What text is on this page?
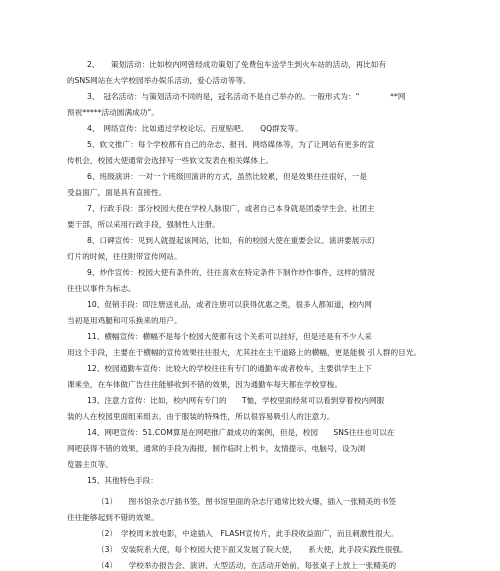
2、　　策划活动：比如校内网曾经成功策划了免费包车送学生到火车站的活动，再比如有
的SNS网站在大学校园举办娱乐活动，爱心活动等等。
3、　冠名活动：与策划活动不同的是，冠名活动不是自己举办的。一般形式为：“　　　　**网
预祝*****活动圆满成功”。
4、　网络宣传：比如通过学校论坛、百度贴吧、　　QQ群发等。
5、软文推广：每个学校都有自己的杂志、报刊、网络媒体等，为了让网站有更多的宣
传机会，校园大使通常会选择写一些软文发表在相关媒体上。
6、班级演讲：一对一个班级回演讲的方式，虽然比较累，但是效果往往很好，一是
受益面广，面是具有直接性。
7、行政手段：部分校园大使在学校人脉很广，或者自己本身就是团委学生会、社团主
要干部，所以采用行政手段，强制性人注册。
8、口碑宣传：见到人就提起该网站，比如，有的校园大使在重要会议、演讲要展示幻
灯片的时候，往往附带宣传网站。
9、炒作宣传：校园大使有条件的，往往喜欢在特定条件下制作炒作事件，这样的情况
往往以事件为标志。
10、促销手段：即注册送礼品，或者注册可以获得优惠之类，很多人都知道，校内网
当初是用鸡腿和可乐换来的用户。
11、横幅宣传：横幅不是每个校园大使都有这个关系可以挂好，但是还是有不少人采
用这个手段，主要在于横幅的宣传效果往往很大，尤其挂在主干道路上的横幅，更是能极 引人群的目光。
12、校园通勤车宣传：比较大的学校往往有专门的通勤车或者校车，主要供学生上下
课乘坐，在车体做广告往往能够收到不错的效果，因为通勤车每天都在学校穿梭。
13、注意力宣传：比如，校内网有专门的　　T恤，学校里面经常可以看到穿着校内网服
装的人在校园里面组来组去，由于服装的特殊性，所以很容易吸引人的注意力。
14、网吧宣传：51.COM算是在网吧推广最成功的案例，但是，校园　　SNS往往也可以在
网吧获得不错的效果，通常的手段为海报，制作临时上机卡，友情提示，电脑号，设为浏
览器主页等。
15、其他特色手段：
（1）　　图书馆杂志厅插书签，图书馆里面的杂志厅通常比较火爆，插入一张精美的书签
往往能够起到不错的效果。
（2）　学校周末放电影，中途插入　FLASH宣传片，此手段收益面广，而且刺激性很大。
（3）　安装院系大使，每个校园大使下面又发展了院大使，　　系大使，此手段实践性很强。
（4）　　学校举办报告会、演讲、大型活动，在活动开始前，每张桌子上放上一张精美的
